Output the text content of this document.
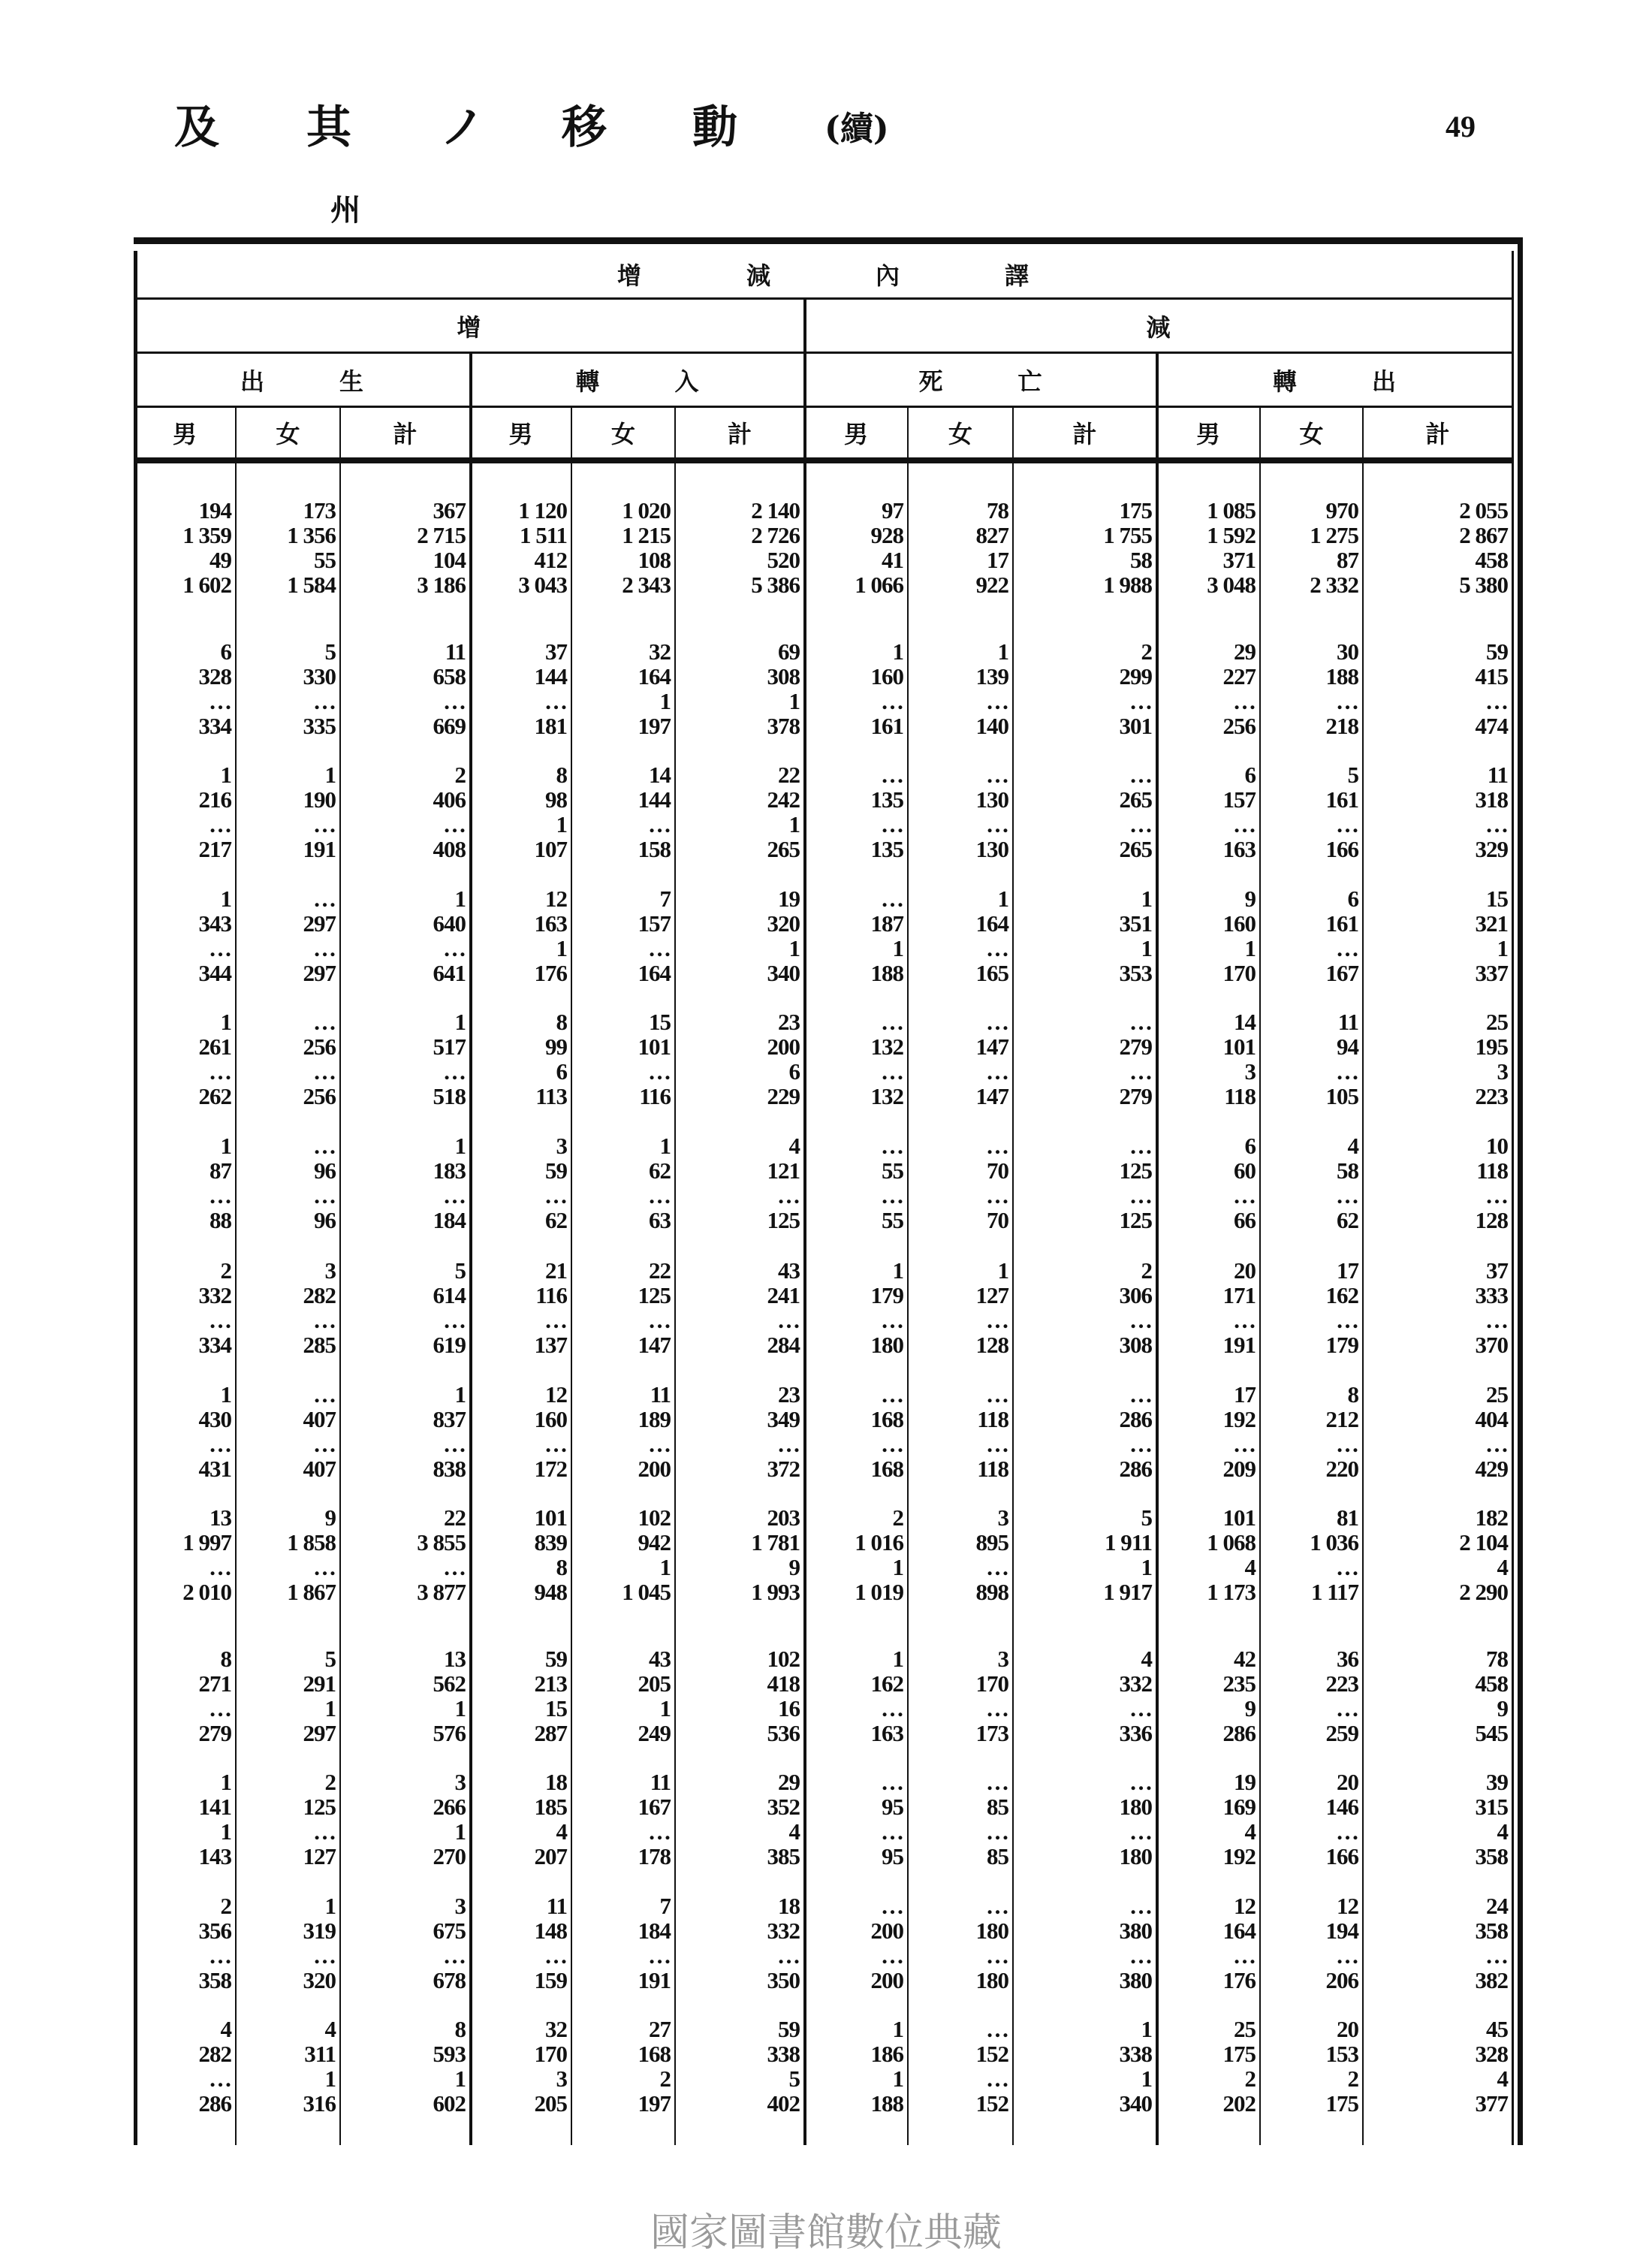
及 其 ノ 移 動	(續)	49
州
增減內譯
增	減
出生	轉入	死亡	轉出
男	女	計	男	女	計	男	女	計	男	女	計
194	173	367	1 120	1 020	2 140	97	78	175	1 085	970	2 055
1 359	1 356	2 715	1 511	1 215	2 726	928	827	1 755	1 592	1 275	2 867
49	55	104	412	108	520	41	17	58	371	87	458
1 602	1 584	3 186	3 043	2 343	5 386	1 066	922	1 988	3 048	2 332	5 380
6	5	11	37	32	69	1	1	2	29	30	59
328	330	658	144	164	308	160	139	299	227	188	415
…	…	…	…	1	1	…	…	…	…	…	…
334	335	669	181	197	378	161	140	301	256	218	474
1	1	2	8	14	22	…	…	…	6	5	11
216	190	406	98	144	242	135	130	265	157	161	318
…	…	…	1	…	1	…	…	…	…	…	…
217	191	408	107	158	265	135	130	265	163	166	329
1	…	1	12	7	19	…	1	1	9	6	15
343	297	640	163	157	320	187	164	351	160	161	321
…	…	…	1	…	1	1	…	1	1	…	1
344	297	641	176	164	340	188	165	353	170	167	337
1	…	1	8	15	23	…	…	…	14	11	25
261	256	517	99	101	200	132	147	279	101	94	195
…	…	…	6	…	6	…	…	…	3	…	3
262	256	518	113	116	229	132	147	279	118	105	223
1	…	1	3	1	4	…	…	…	6	4	10
87	96	183	59	62	121	55	70	125	60	58	118
…	…	…	…	…	…	…	…	…	…	…	…
88	96	184	62	63	125	55	70	125	66	62	128
2	3	5	21	22	43	1	1	2	20	17	37
332	282	614	116	125	241	179	127	306	171	162	333
…	…	…	…	…	…	…	…	…	…	…	…
334	285	619	137	147	284	180	128	308	191	179	370
1	…	1	12	11	23	…	…	…	17	8	25
430	407	837	160	189	349	168	118	286	192	212	404
…	…	…	…	…	…	…	…	…	…	…	…
431	407	838	172	200	372	168	118	286	209	220	429
13	9	22	101	102	203	2	3	5	101	81	182
1 997	1 858	3 855	839	942	1 781	1 016	895	1 911	1 068	1 036	2 104
…	…	…	8	1	9	1	…	1	4	…	4
2 010	1 867	3 877	948	1 045	1 993	1 019	898	1 917	1 173	1 117	2 290
8	5	13	59	43	102	1	3	4	42	36	78
271	291	562	213	205	418	162	170	332	235	223	458
…	1	1	15	1	16	…	…	…	9	…	9
279	297	576	287	249	536	163	173	336	286	259	545
1	2	3	18	11	29	…	…	…	19	20	39
141	125	266	185	167	352	95	85	180	169	146	315
1	…	1	4	…	4	…	…	…	4	…	4
143	127	270	207	178	385	95	85	180	192	166	358
2	1	3	11	7	18	…	…	…	12	12	24
356	319	675	148	184	332	200	180	380	164	194	358
…	…	…	…	…	…	…	…	…	…	…	…
358	320	678	159	191	350	200	180	380	176	206	382
4	4	8	32	27	59	1	…	1	25	20	45
282	311	593	170	168	338	186	152	338	175	153	328
…	1	1	3	2	5	1	…	1	2	2	4
286	316	602	205	197	402	188	152	340	202	175	377
國家圖書館數位典藏
